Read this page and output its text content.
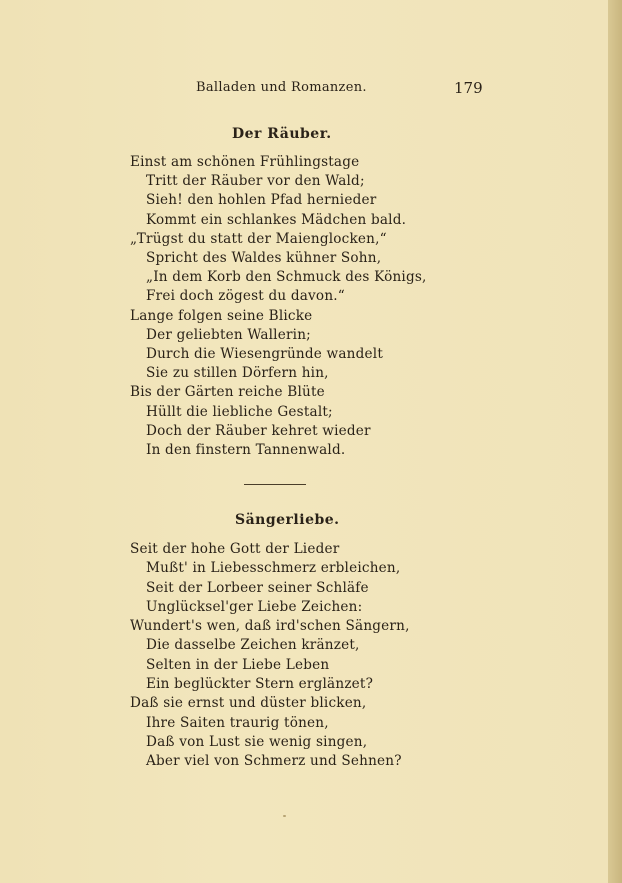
Balladen und Romanzen.	179
Der Räuber.
Einst am schönen Frühlingstage
Tritt der Räuber vor den Wald;
Sieh! den hohlen Pfad hernieder
Kommt ein schlankes Mädchen bald.
„Trügst du statt der Maienglocken,“
Spricht des Waldes kühner Sohn,
„In dem Korb den Schmuck des Königs,
Frei doch zögest du davon.“
Lange folgen seine Blicke
Der geliebten Wallerin;
Durch die Wiesengründe wandelt
Sie zu stillen Dörfern hin,
Bis der Gärten reiche Blüte
Hüllt die liebliche Gestalt;
Doch der Räuber kehret wieder
In den finstern Tannenwald.
Sängerliebe.
Seit der hohe Gott der Lieder
Mußt' in Liebesschmerz erbleichen,
Seit der Lorbeer seiner Schläfe
Unglücksel'ger Liebe Zeichen:
Wundert's wen, daß ird'schen Sängern,
Die dasselbe Zeichen kränzet,
Selten in der Liebe Leben
Ein beglückter Stern erglänzet?
Daß sie ernst und düster blicken,
Ihre Saiten traurig tönen,
Daß von Lust sie wenig singen,
Aber viel von Schmerz und Sehnen?
